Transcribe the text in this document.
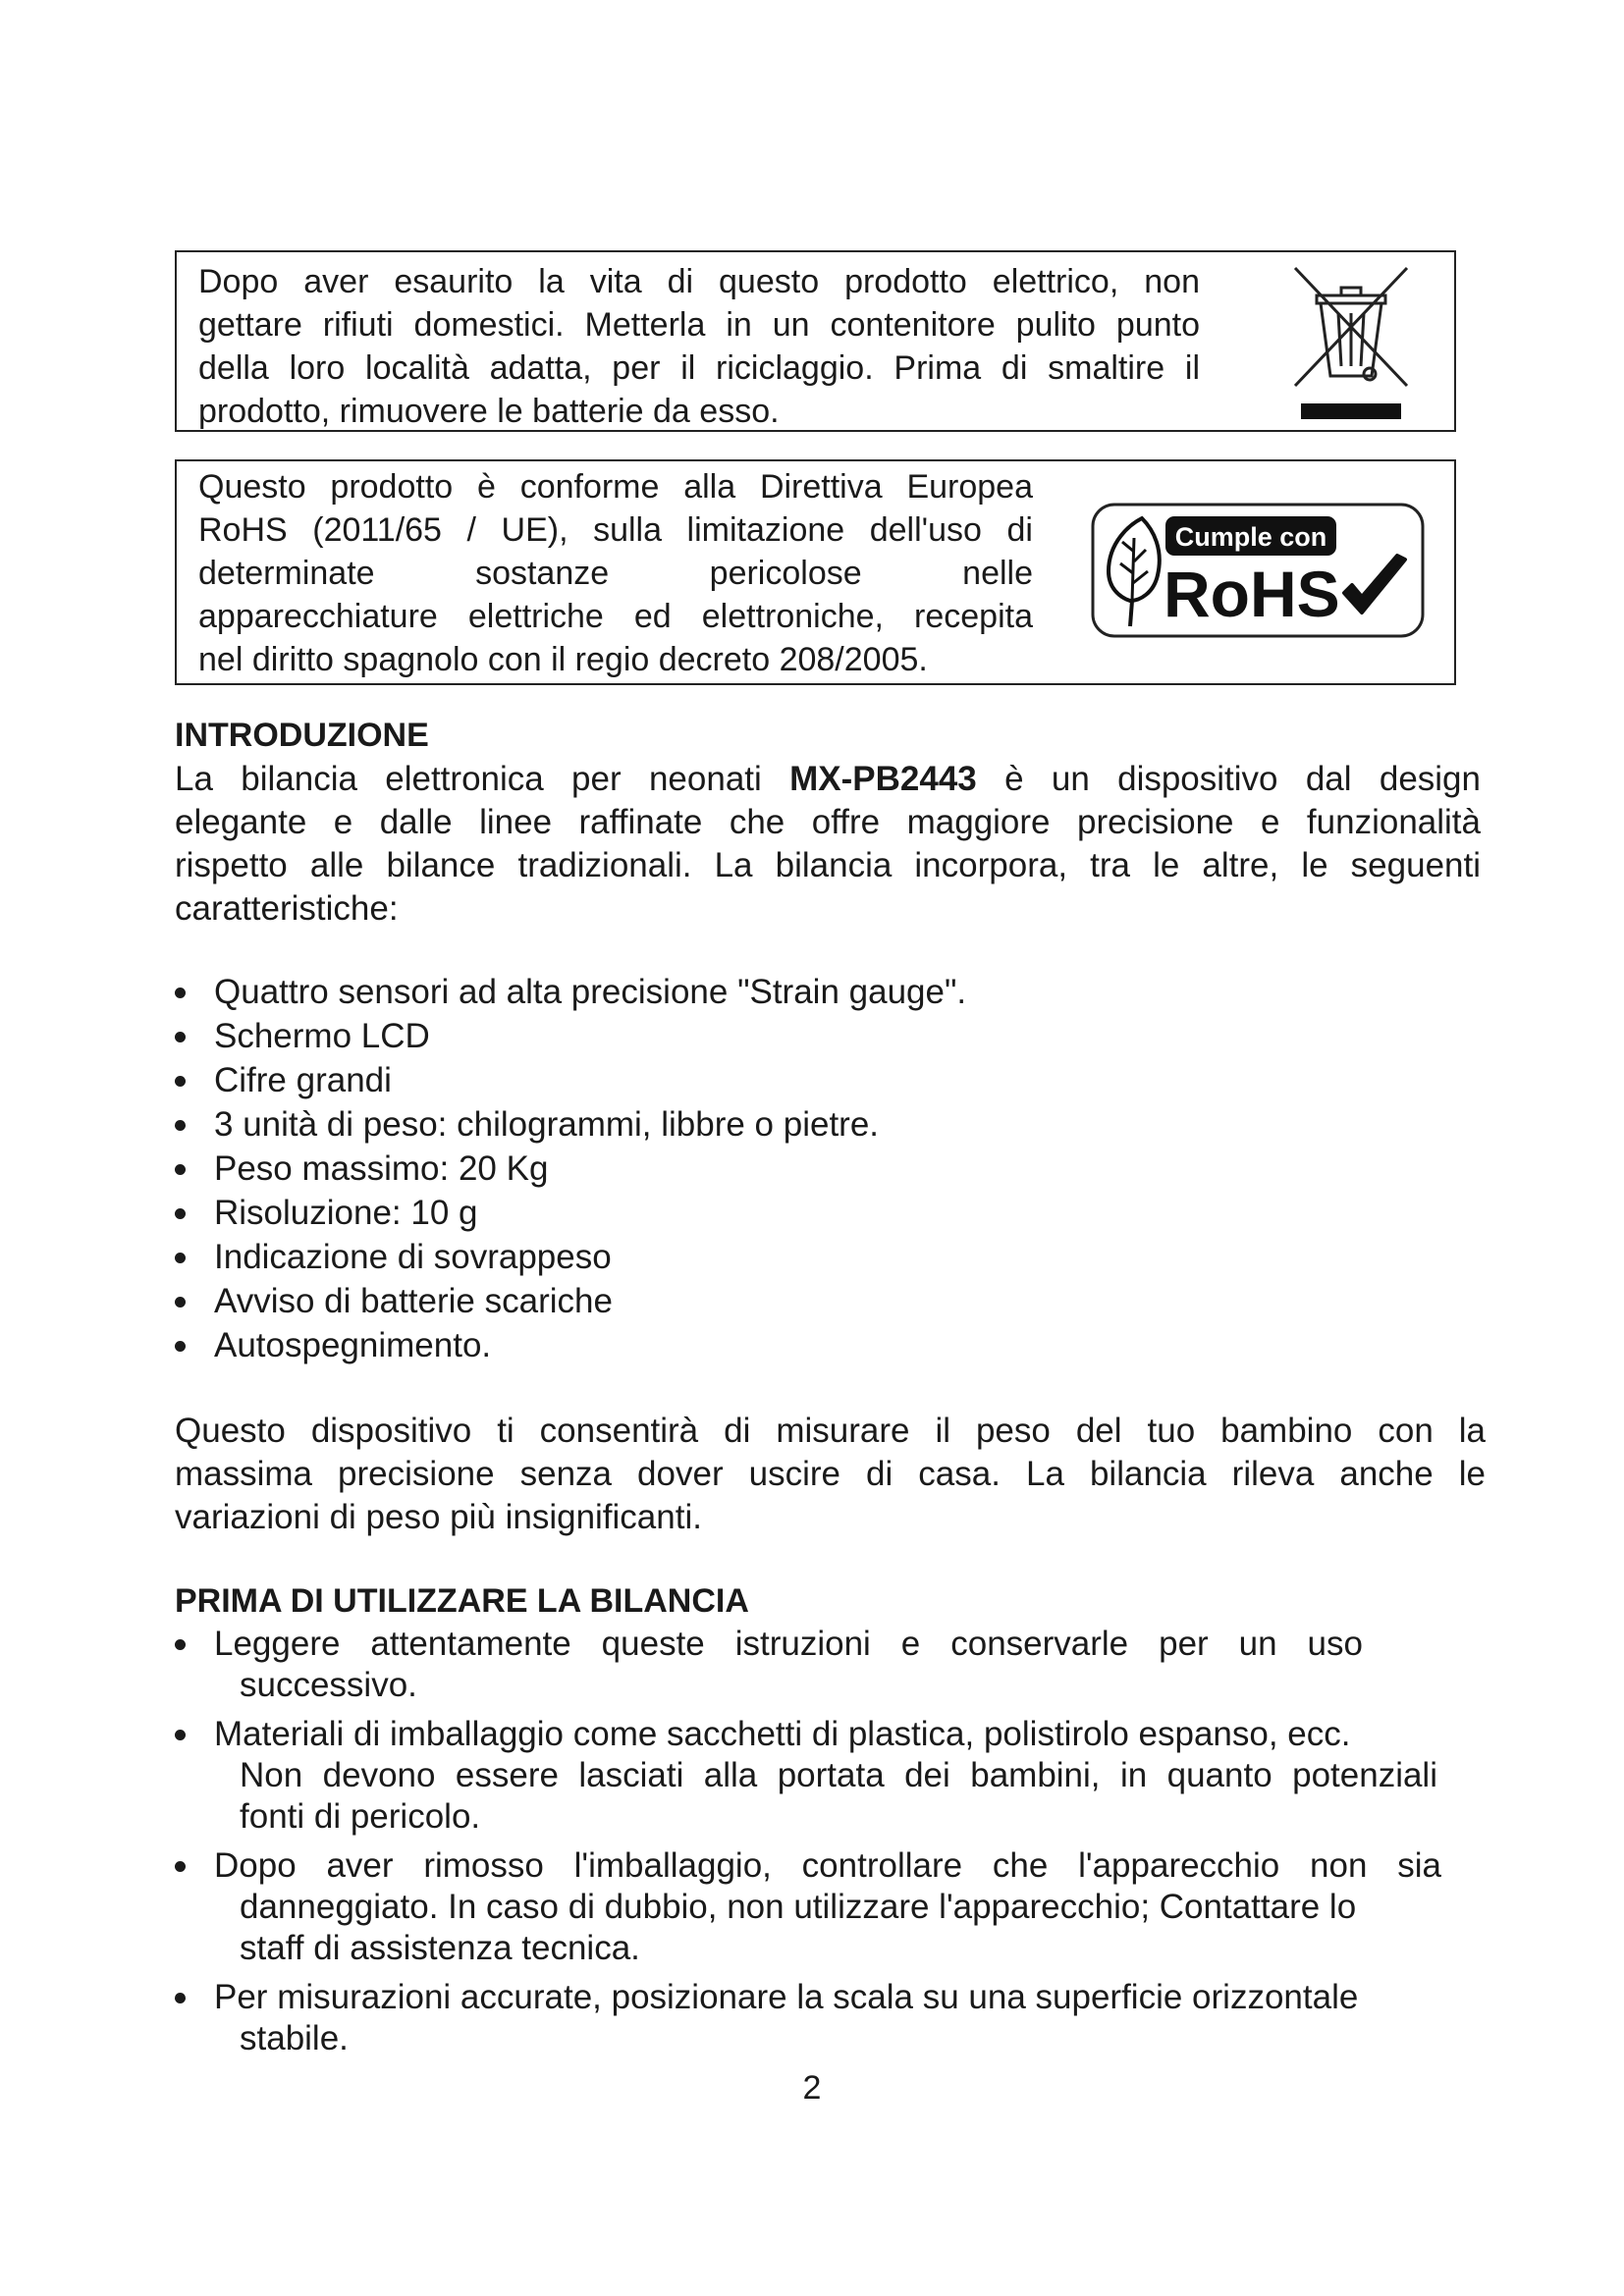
Dopo aver esaurito la vita di questo prodotto elettrico, non
gettare rifiuti domestici. Metterla in un contenitore pulito punto
della loro località adatta, per il riciclaggio. Prima di smaltire il
prodotto, rimuovere le batterie da esso.
Questo prodotto è conforme alla Direttiva Europea
RoHS (2011/65 / UE), sulla limitazione dell'uso di
determinate sostanze pericolose nelle
apparecchiature elettriche ed elettroniche, recepita
nel diritto spagnolo con il regio decreto 208/2005.
Cumple con
RoHS
INTRODUZIONE

La bilancia elettronica per neonati MX-PB2443 è un dispositivo dal design
elegante e dalle linee raffinate che offre maggiore precisione e funzionalità
rispetto alle bilance tradizionali. La bilancia incorpora, tra le altre, le seguenti
caratteristiche:

Quattro sensori ad alta precisione "Strain gauge".
Schermo LCD
Cifre grandi
3 unità di peso: chilogrammi, libbre o pietre.
Peso massimo: 20 Kg
Risoluzione: 10 g
Indicazione di sovrappeso
Avviso di batterie scariche
Autospegnimento.

Questo dispositivo ti consentirà di misurare il peso del tuo bambino con la
massima precisione senza dover uscire di casa. La bilancia rileva anche le
variazioni di peso più insignificanti.

PRIMA DI UTILIZZARE LA BILANCIA
Leggere attentamente queste istruzioni e conservarle per un uso
successivo.
Materiali di imballaggio come sacchetti di plastica, polistirolo espanso, ecc.
Non devono essere lasciati alla portata dei bambini, in quanto potenziali
fonti di pericolo.
Dopo aver rimosso l'imballaggio, controllare che l'apparecchio non sia
danneggiato. In caso di dubbio, non utilizzare l'apparecchio; Contattare lo
staff di assistenza tecnica.
Per misurazioni accurate, posizionare la scala su una superficie orizzontale
stabile.
2
